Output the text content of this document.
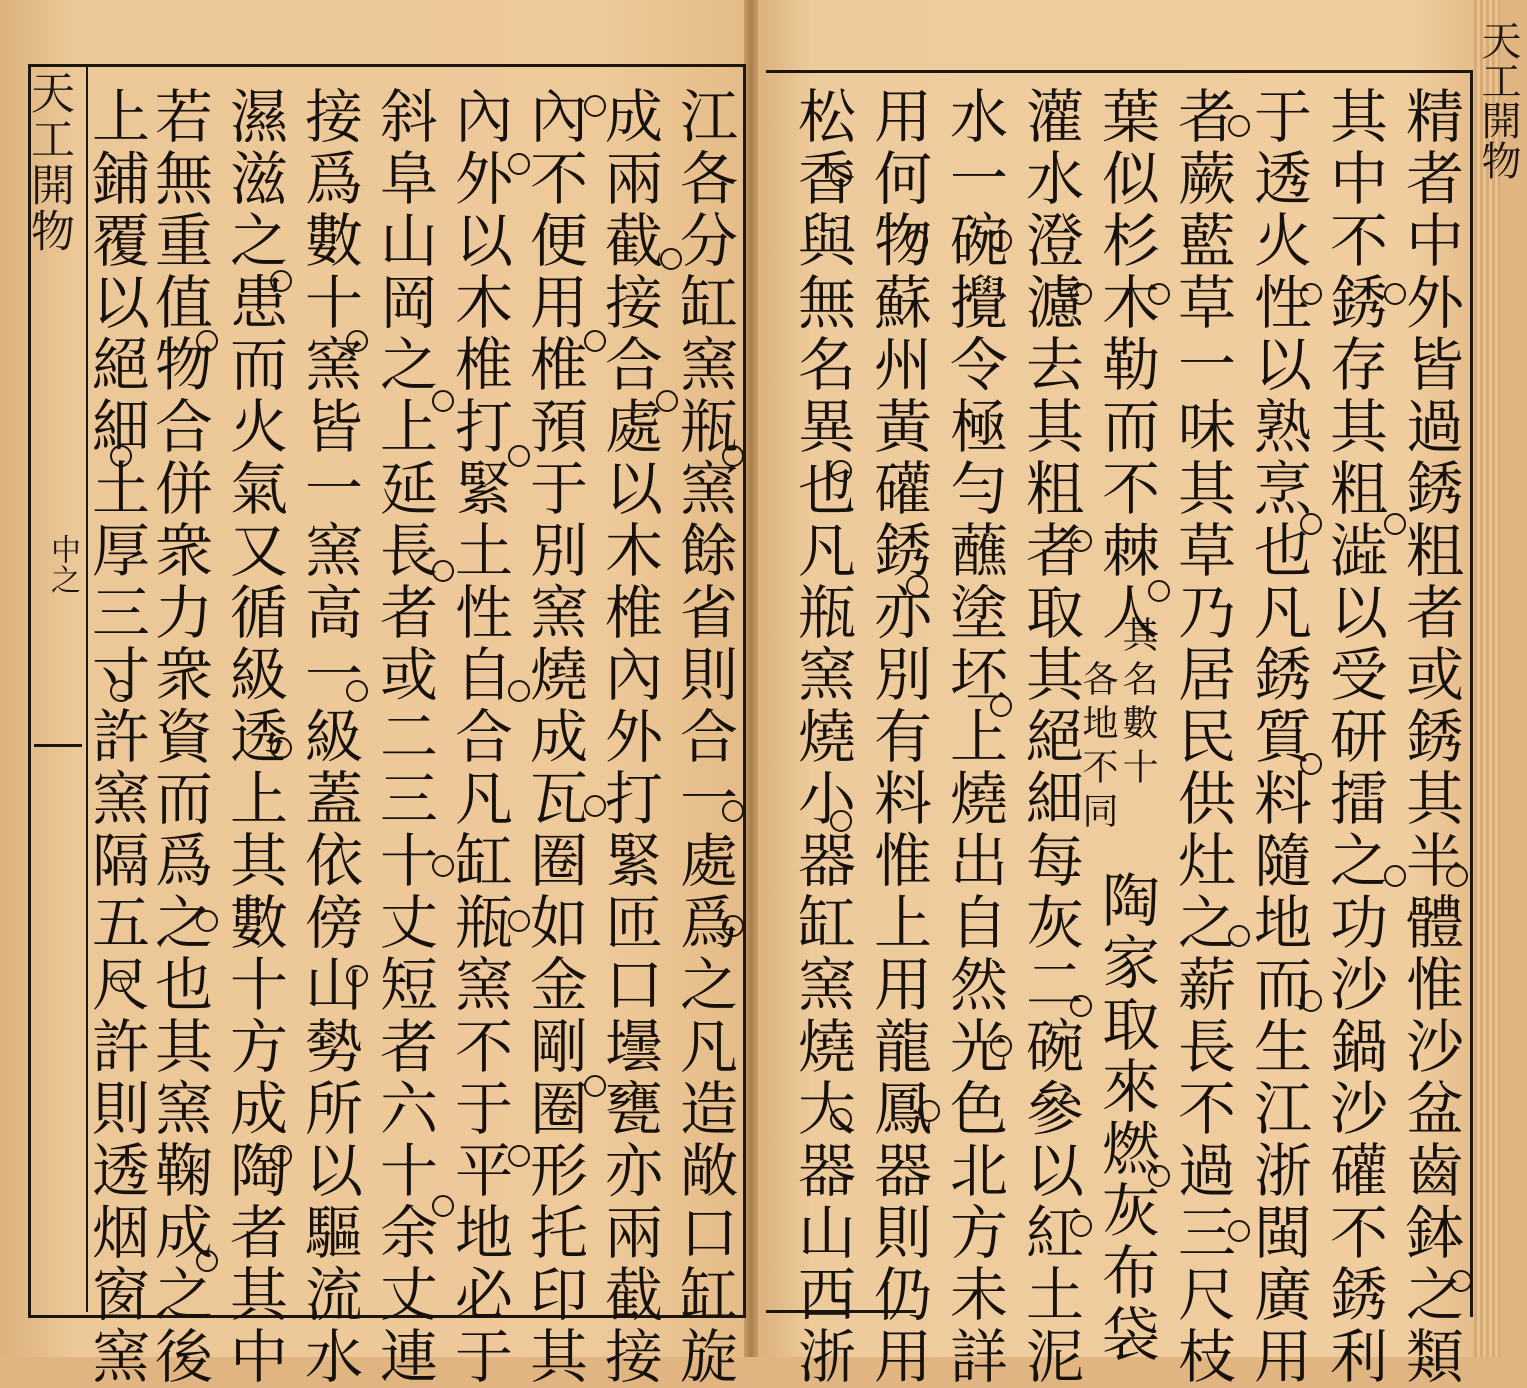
天工開物
中之	江各分缸窯瓶窯餘省則合一處爲之凡造敞口缸旋
成兩截接合處以木椎內外打緊匝口壜甕亦兩截接
內不便用椎預于別窯燒成瓦圈如金剛圈形托印其
內外以木椎打緊土性自合凡缸瓶窯不于平地必于
斜阜山岡之上延長者或二三十丈短者六十余丈連
接爲數十窯皆一窯高一級蓋依傍山勢所以驅流水
濕滋之患而火氣又循級透上其數十方成陶者其中
若無重值物合併衆力衆資而爲之也其窯鞠成之後
上鋪覆以絕細土厚三寸許窯隔五尺許則透烟窗窯	精者中外皆過銹粗者或銹其半體惟沙盆齒鉢之類
其中不銹存其粗澁以受研擂之功沙鍋沙礶不銹利
于透火性以熟烹也凡銹質料隨地而生江浙閩廣用
者蕨藍草一味其草乃居民供灶之薪長不過三尺枝
葉似杉木勒而不棘人
其名數十
各地不同
陶家取來燃灰布袋
灌水澄濾去其粗者取其絕細每灰二碗參以紅土泥
水一碗攪令極勻蘸塗坯上燒出自然光色北方未詳
用何物蘇州黃礶銹亦別有料惟上用龍鳳器則仍用
松香與無名異也凡瓶窯燒小器缸窯燒大器山西浙	天工開物
